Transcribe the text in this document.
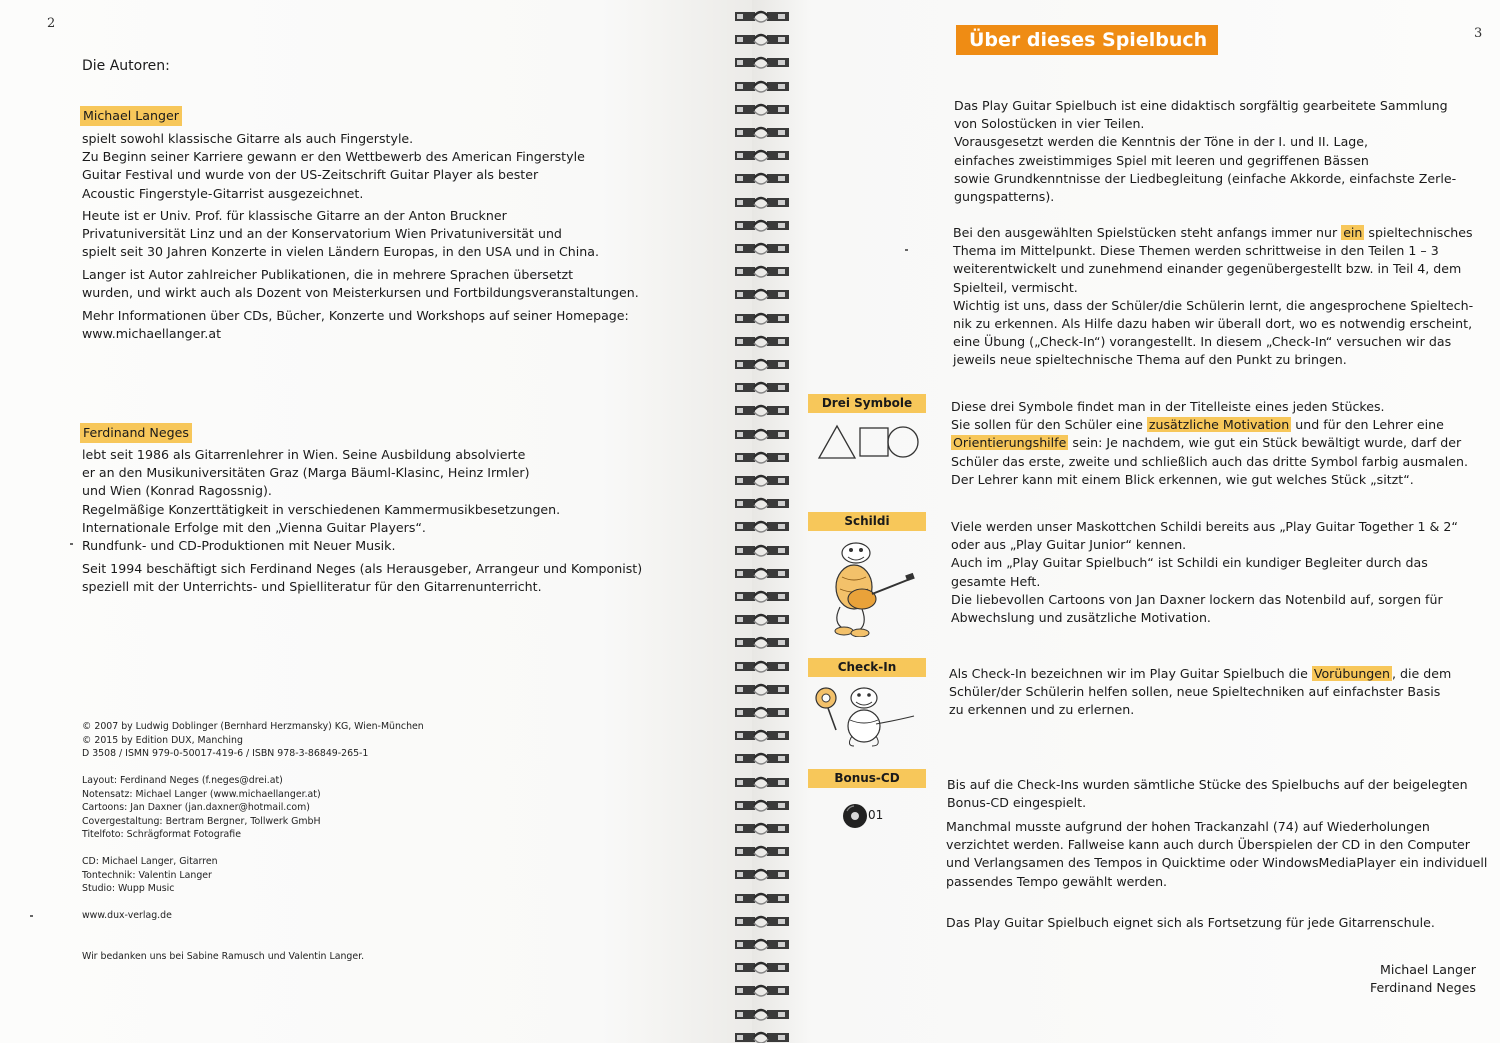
2
Die Autoren:
Michael Langer

spielt sowohl klassische Gitarre als auch Fingerstyle.

Zu Beginn seiner Karriere gewann er den Wettbewerb des American Fingerstyle

Guitar Festival und wurde von der US-Zeitschrift Guitar Player als bester

Acoustic Fingerstyle-Gitarrist ausgezeichnet.

Heute ist er Univ. Prof. für klassische Gitarre an der Anton Bruckner

Privatuniversität Linz und an der Konservatorium Wien Privatuniversität und

spielt seit 30 Jahren Konzerte in vielen Ländern Europas, in den USA und in China.

Langer ist Autor zahlreicher Publikationen, die in mehrere Sprachen übersetzt

wurden, und wirkt auch als Dozent von Meisterkursen und Fortbildungsveranstaltungen.

Mehr Informationen über CDs, Bücher, Konzerte und Workshops auf seiner Homepage:

www.michaellanger.at

Ferdinand Neges

lebt seit 1986 als Gitarrenlehrer in Wien. Seine Ausbildung absolvierte

er an den Musikuniversitäten Graz (Marga Bäuml-Klasinc, Heinz Irmler)

und Wien (Konrad Ragossnig).

Regelmäßige Konzerttätigkeit in verschiedenen Kammermusikbesetzungen.

Internationale Erfolge mit den „Vienna Guitar Players“.

Rundfunk- und CD-Produktionen mit Neuer Musik.

Seit 1994 beschäftigt sich Ferdinand Neges (als Herausgeber, Arrangeur und Komponist)

speziell mit der Unterrichts- und Spielliteratur für den Gitarrenunterricht.

© 2007 by Ludwig Doblinger (Bernhard Herzmansky) KG, Wien-München

© 2015 by Edition DUX, Manching

D 3508 / ISMN 979-0-50017-419-6 / ISBN 978-3-86849-265-1

Layout: Ferdinand Neges (f.neges@drei.at)

Notensatz: Michael Langer (www.michaellanger.at)

Cartoons: Jan Daxner (jan.daxner@hotmail.com)

Covergestaltung: Bertram Bergner, Tollwerk GmbH

Titelfoto: Schrägformat Fotografie

CD: Michael Langer, Gitarren

Tontechnik: Valentin Langer

Studio: Wupp Music

www.dux-verlag.de
Wir bedanken uns bei Sabine Ramusch und Valentin Langer.
3
Über dieses Spielbuch

Das Play Guitar Spielbuch ist eine didaktisch sorgfältig gearbeitete Sammlung

von Solostücken in vier Teilen.

Vorausgesetzt werden die Kenntnis der Töne in der I. und II. Lage,

einfaches zweistimmiges Spiel mit leeren und gegriffenen Bässen

sowie Grundkenntnisse der Liedbegleitung (einfache Akkorde, einfachste Zerle-

gungspatterns).

Bei den ausgewählten Spielstücken steht anfangs immer nur ein spieltechnisches

Thema im Mittelpunkt. Diese Themen werden schrittweise in den Teilen 1 – 3

weiterentwickelt und zunehmend einander gegenübergestellt bzw. in Teil 4, dem

Spielteil, vermischt.

Wichtig ist uns, dass der Schüler/die Schülerin lernt, die angesprochene Spieltech-

nik zu erkennen. Als Hilfe dazu haben wir überall dort, wo es notwendig erscheint,

eine Übung („Check-In“) vorangestellt. In diesem „Check-In“ versuchen wir das

jeweils neue spieltechnische Thema auf den Punkt zu bringen.

Drei Symbole	Diese drei Symbole findet man in der Titelleiste eines jeden Stückes.

Sie sollen für den Schüler eine zusätzliche Motivation und für den Lehrer eine

Orientierungshilfe sein: Je nachdem, wie gut ein Stück bewältigt wurde, darf der

Schüler das erste, zweite und schließlich auch das dritte Symbol farbig ausmalen.

Der Lehrer kann mit einem Blick erkennen, wie gut welches Stück „sitzt“.

Schildi	Viele werden unser Maskottchen Schildi bereits aus „Play Guitar Together 1 & 2“

oder aus „Play Guitar Junior“ kennen.

Auch im „Play Guitar Spielbuch“ ist Schildi ein kundiger Begleiter durch das

gesamte Heft.

Die liebevollen Cartoons von Jan Daxner lockern das Notenbild auf, sorgen für

Abwechslung und zusätzliche Motivation.

Check-In	Als Check-In bezeichnen wir im Play Guitar Spielbuch die Vorübungen , die dem

Schüler/der Schülerin helfen sollen, neue Spieltechniken auf einfachster Basis

zu erkennen und zu erlernen.

Bonus-CD
01

Bis auf die Check-Ins wurden sämtliche Stücke des Spielbuchs auf der beigelegten

Bonus-CD eingespielt.

Manchmal musste aufgrund der hohen Trackanzahl (74) auf Wiederholungen

verzichtet werden. Fallweise kann auch durch Überspielen der CD in den Computer

und Verlangsamen des Tempos in Quicktime oder WindowsMediaPlayer ein individuell

passendes Tempo gewählt werden.

Das Play Guitar Spielbuch eignet sich als Fortsetzung für jede Gitarrenschule.
Michael Langer
Ferdinand Neges
